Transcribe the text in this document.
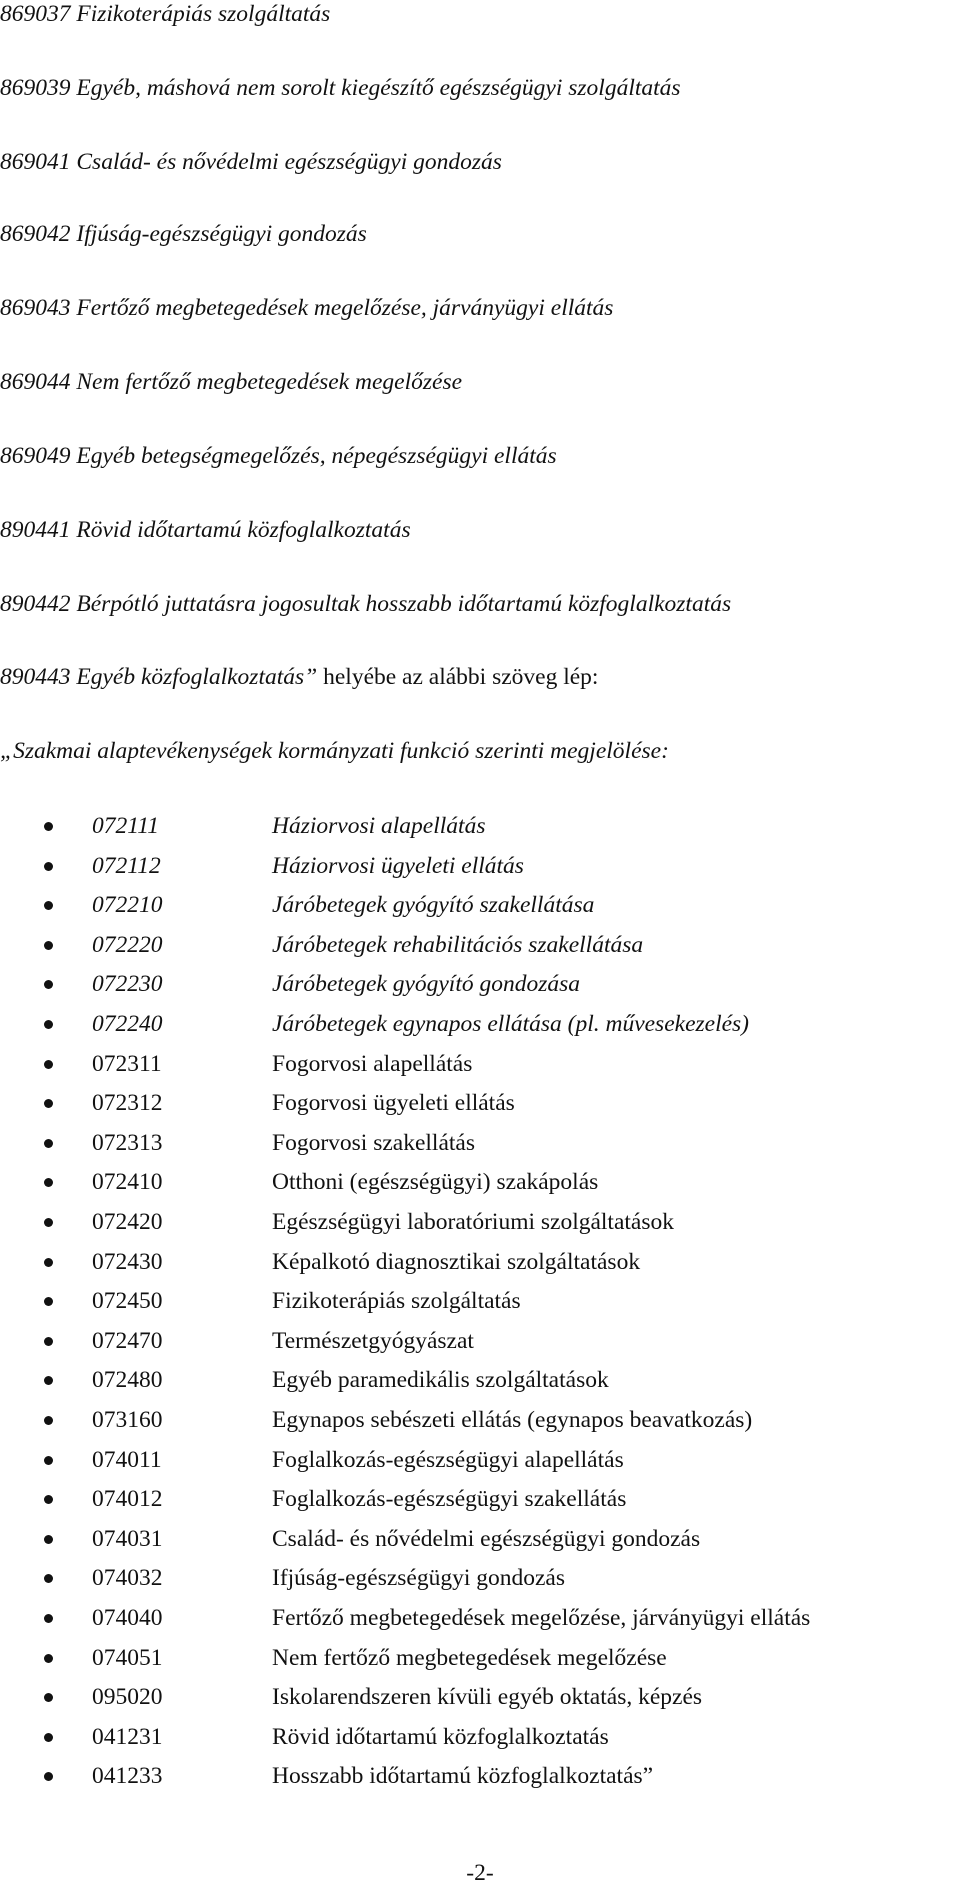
869037 Fizikoterápiás szolgáltatás
869039 Egyéb, máshová nem sorolt kiegészítő egészségügyi szolgáltatás
869041 Család- és nővédelmi egészségügyi gondozás
869042 Ifjúság-egészségügyi gondozás
869043 Fertőző megbetegedések megelőzése, járványügyi ellátás
869044 Nem fertőző megbetegedések megelőzése
869049 Egyéb betegségmegelőzés, népegészségügyi ellátás
890441 Rövid időtartamú közfoglalkoztatás
890442 Bérpótló juttatásra jogosultak hosszabb időtartamú közfoglalkoztatás
890443 Egyéb közfoglalkoztatás” helyébe az alábbi szöveg lép:
„Szakmai alaptevékenységek kormányzati funkció szerinti megjelölése:
072111	Háziorvosi alapellátás
072112	Háziorvosi ügyeleti ellátás
072210	Járóbetegek gyógyító szakellátása
072220	Járóbetegek rehabilitációs szakellátása
072230	Járóbetegek gyógyító gondozása
072240	Járóbetegek egynapos ellátása (pl. művesekezelés)
072311	Fogorvosi alapellátás
072312	Fogorvosi ügyeleti ellátás
072313	Fogorvosi szakellátás
072410	Otthoni (egészségügyi) szakápolás
072420	Egészségügyi laboratóriumi szolgáltatások
072430	Képalkotó diagnosztikai szolgáltatások
072450	Fizikoterápiás szolgáltatás
072470	Természetgyógyászat
072480	Egyéb paramedikális szolgáltatások
073160	Egynapos sebészeti ellátás (egynapos beavatkozás)
074011	Foglalkozás-egészségügyi alapellátás
074012	Foglalkozás-egészségügyi szakellátás
074031	Család- és nővédelmi egészségügyi gondozás
074032	Ifjúság-egészségügyi gondozás
074040	Fertőző megbetegedések megelőzése, járványügyi ellátás
074051	Nem fertőző megbetegedések megelőzése
095020	Iskolarendszeren kívüli egyéb oktatás, képzés
041231	Rövid időtartamú közfoglalkoztatás
041233	Hosszabb időtartamú közfoglalkoztatás”
-2-
